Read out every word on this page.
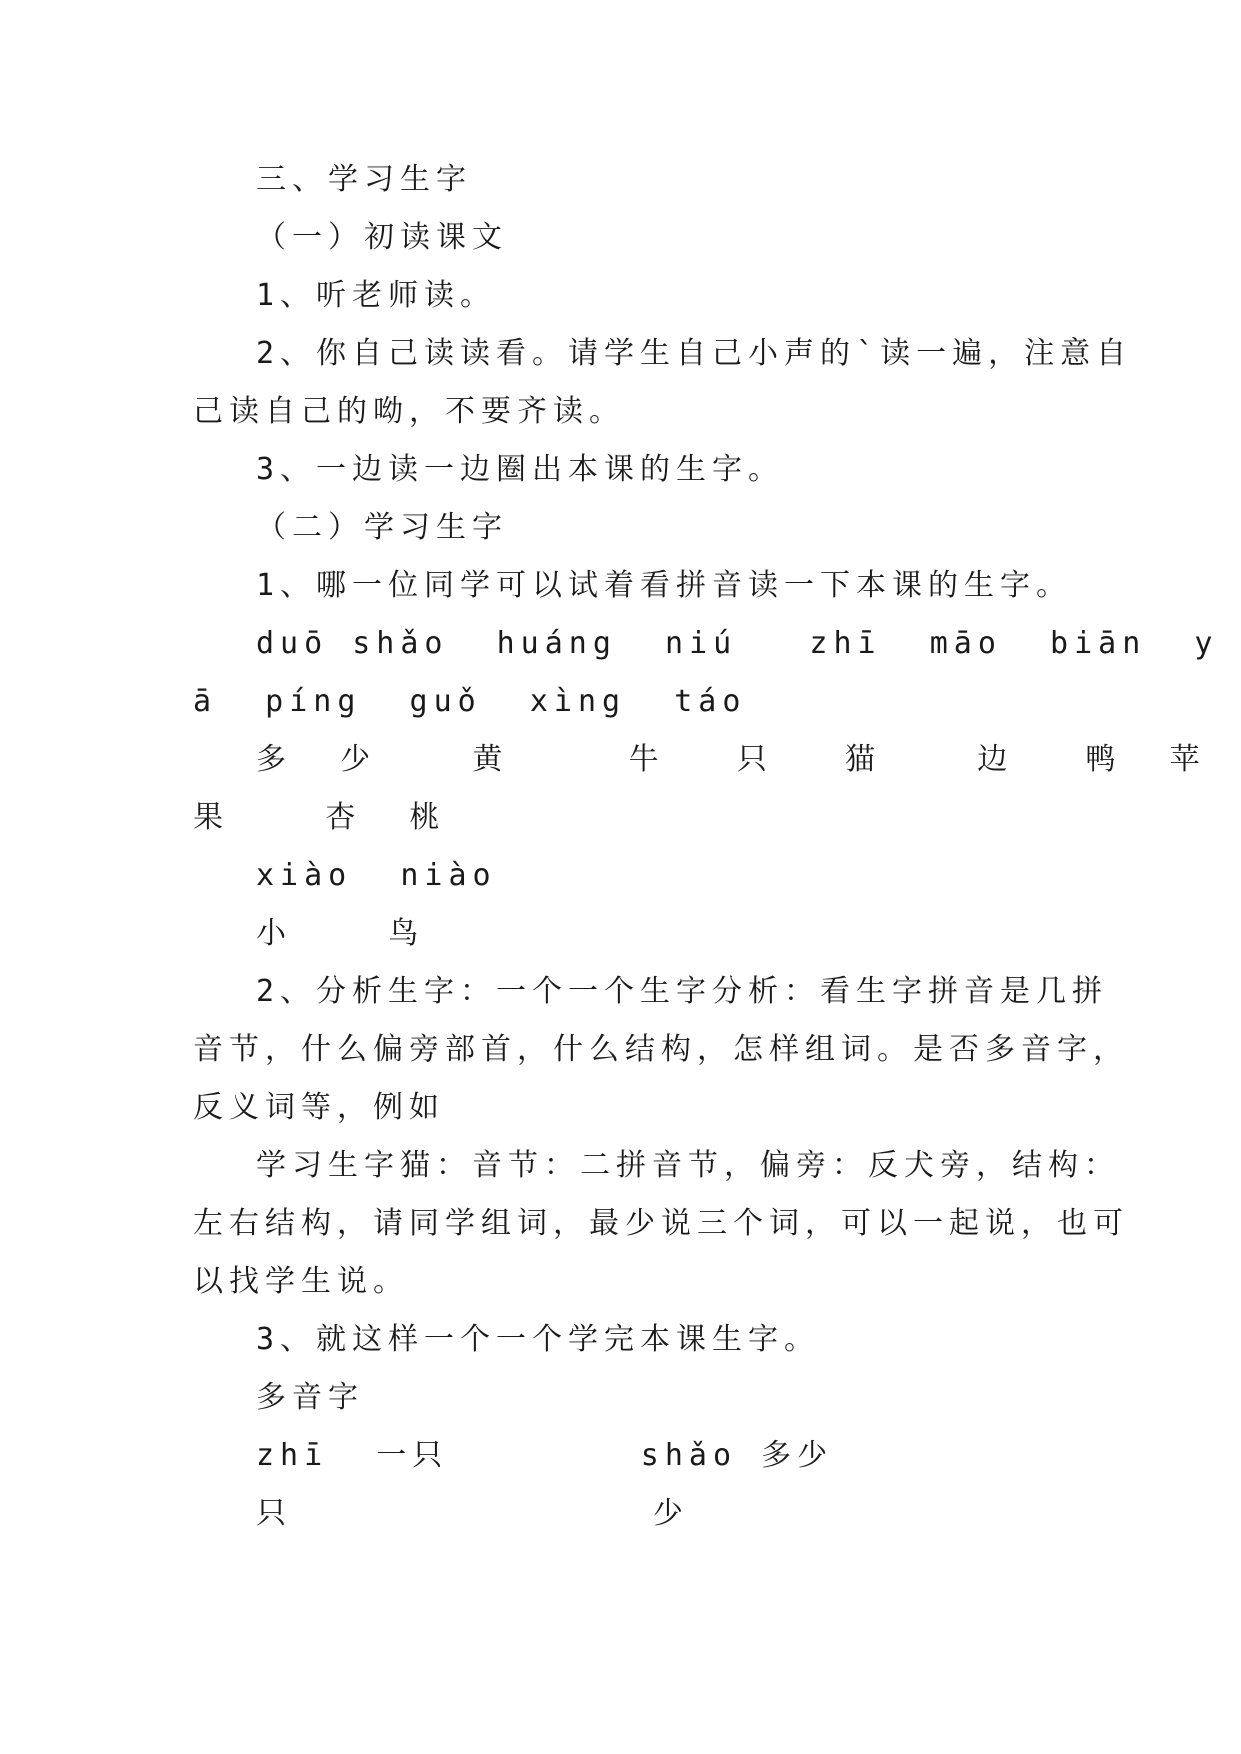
三、学习生字
（一）初读课文
1、听老师读。
2、你自己读读看。请学生自己小声的`读一遍，注意自
己读自己的呦，不要齐读。
3、一边读一边圈出本课的生字。
（二）学习生字
1、哪一位同学可以试着看拼音读一下本课的生字。
duō shǎo  huáng  niú   zhī  māo  biān  y
ā  píng  guǒ  xìng  táo
多  少    黄     牛   只   猫    边   鸭  苹
果    杏  桃
xiào  niào
小    鸟
2、分析生字：一个一个生字分析：看生字拼音是几拼
音节，什么偏旁部首，什么结构，怎样组词。是否多音字，
反义词等，例如
学习生字猫：音节：二拼音节，偏旁：反犬旁，结构：
左右结构，请同学组词，最少说三个词，可以一起说，也可
以找学生说。
3、就这样一个一个学完本课生字。
多音字
zhī  一只        shǎo 多少
只               少
